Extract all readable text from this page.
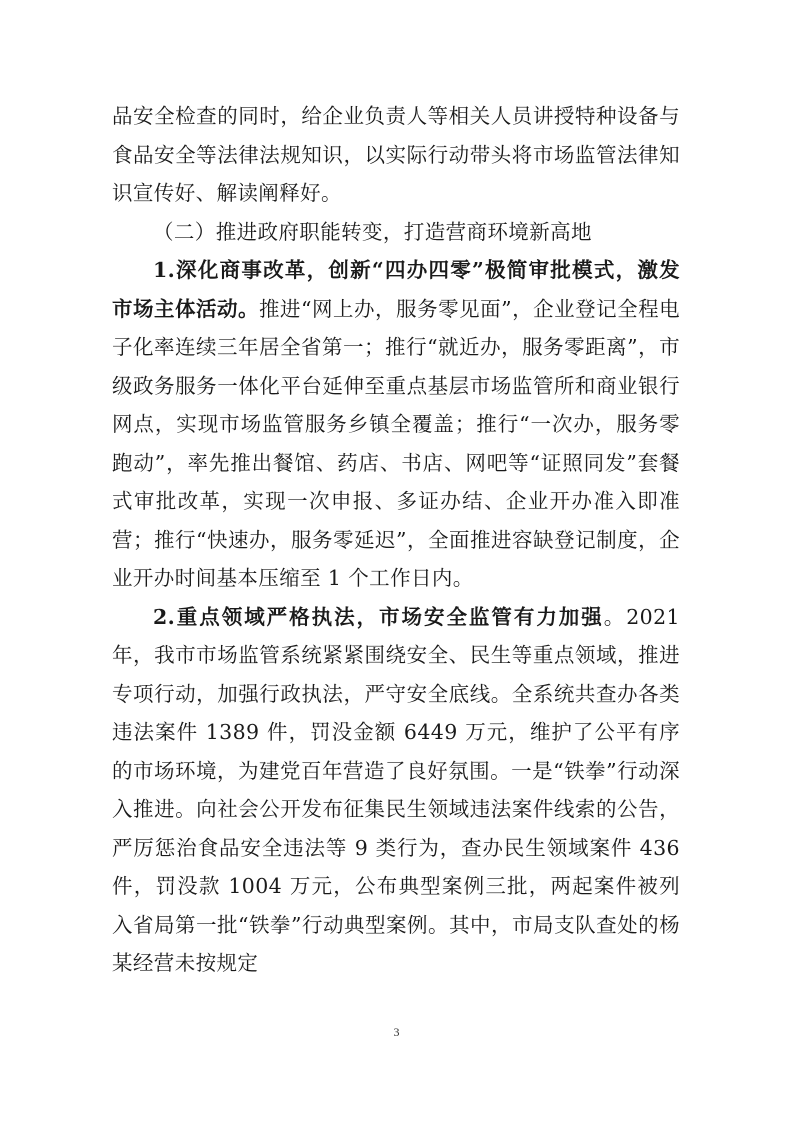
品安全检查的同时，给企业负责人等相关人员讲授特种设备与食品安全等法律法规知识，以实际行动带头将市场监管法律知识宣传好、解读阐释好。

（二）推进政府职能转变，打造营商环境新高地

1.深化商事改革，创新“四办四零”极简审批模式，激发市场主体活动。推进“网上办，服务零见面”，企业登记全程电子化率连续三年居全省第一；推行“就近办，服务零距离”，市级政务服务一体化平台延伸至重点基层市场监管所和商业银行网点，实现市场监管服务乡镇全覆盖；推行“一次办，服务零跑动”，率先推出餐馆、药店、书店、网吧等“证照同发”套餐式审批改革，实现一次申报、多证办结、企业开办准入即准营；推行“快速办，服务零延迟”，全面推进容缺登记制度，企业开办时间基本压缩至 1 个工作日内。

2.重点领域严格执法，市场安全监管有力加强。2021 年，我市市场监管系统紧紧围绕安全、民生等重点领域，推进专项行动，加强行政执法，严守安全底线。全系统共查办各类违法案件 1389 件，罚没金额 6449 万元，维护了公平有序的市场环境，为建党百年营造了良好氛围。一是“铁拳”行动深入推进。向社会公开发布征集民生领域违法案件线索的公告，严厉惩治食品安全违法等 9 类行为，查办民生领域案件 436 件，罚没款 1004 万元，公布典型案例三批，两起案件被列入省局第一批“铁拳”行动典型案例。其中，市局支队查处的杨某经营未按规定

3
